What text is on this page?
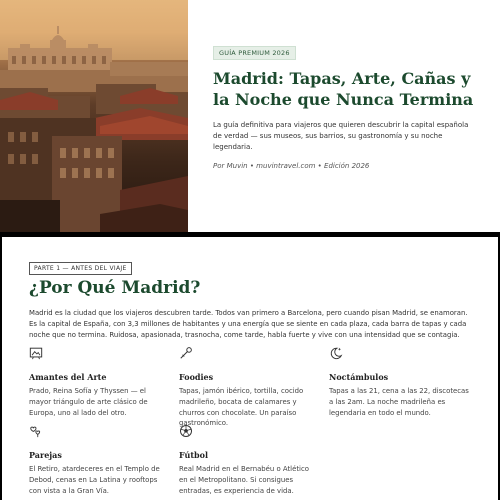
GUÍA PREMIUM 2026
Madrid: Tapas, Arte, Cañas y la Noche que Nunca Termina

La guía definitiva para viajeros que quieren descubrir la capital española de verdad — sus museos, sus barrios, su gastronomía y su noche legendaria.

Por Muvin • muvintravel.com • Edición 2026

PARTE 1 — ANTES DEL VIAJE
¿Por Qué Madrid?

Madrid es la ciudad que los viajeros descubren tarde. Todos van primero a Barcelona, pero cuando pisan Madrid, se enamoran. Es la capital de España, con 3,3 millones de habitantes y una energía que se siente en cada plaza, cada barra de tapas y cada noche que no termina. Ruidosa, apasionada, trasnocha, come tarde, habla fuerte y vive con una intensidad que se contagia.

Amantes del Arte
Prado, Reina Sofía y Thyssen — el mayor triángulo de arte clásico de Europa, uno al lado del otro.
Foodies
Tapas, jamón ibérico, tortilla, cocido madrileño, bocata de calamares y churros con chocolate. Un paraíso gastronómico.
Noctámbulos
Tapas a las 21, cena a las 22, discotecas a las 2am. La noche madrileña es legendaria en todo el mundo.
Parejas
El Retiro, atardeceres en el Templo de Debod, cenas en La Latina y rooftops con vista a la Gran Vía.
Fútbol
Real Madrid en el Bernabéu o Atlético en el Metropolitano. Si consigues entradas, es experiencia de vida.
